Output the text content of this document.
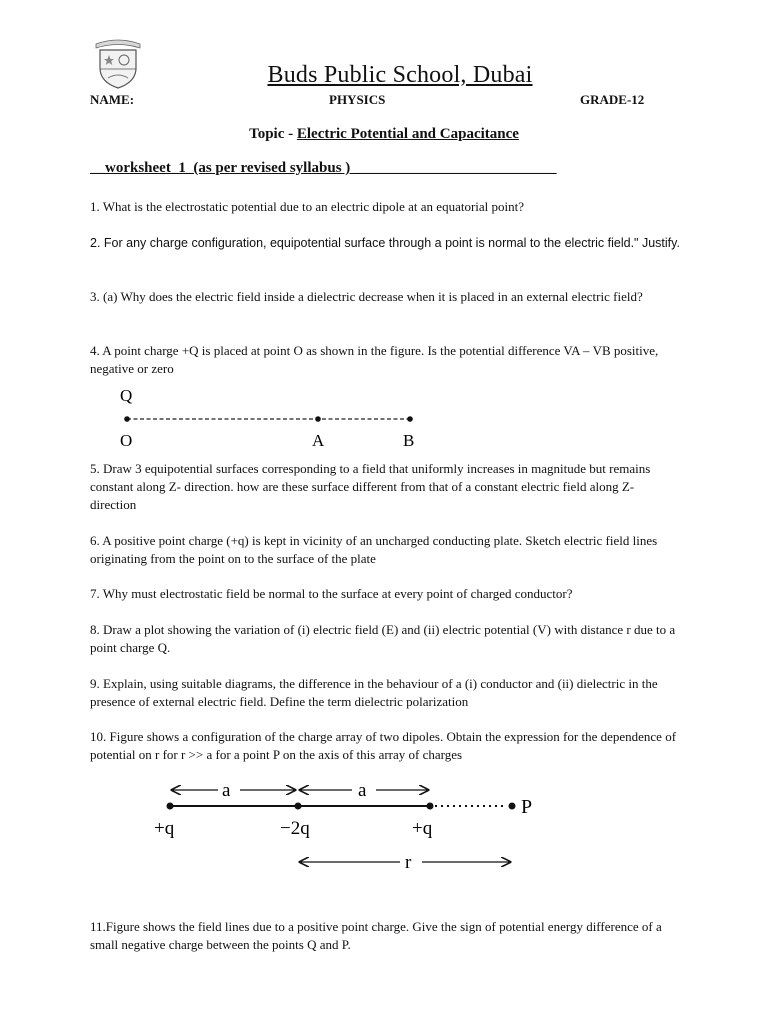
Buds Public School, Dubai
NAME:	PHYSICS	GRADE-12
Topic - Electric Potential and Capacitance
__worksheet_1_(as per revised syllabus ) ___________________________
1. What is the electrostatic potential due to an electric dipole at an equatorial point?
2. For any charge configuration, equipotential surface through a point is normal to the electric field." Justify.
3. (a) Why does the electric field inside a dielectric decrease when it is placed in an external electric field?
4. A point charge +Q is placed at point O as shown in the figure. Is the potential difference VA – VB positive, negative or zero
Q
O	A	B
5. Draw 3 equipotential surfaces corresponding to a field that uniformly increases in magnitude but remains constant along Z- direction. how are these surface different from that of a constant electric field along Z-direction
6. A positive point charge (+q) is kept in vicinity of an uncharged conducting plate. Sketch electric field lines originating from the point on to the surface of the plate
7. Why must electrostatic field be normal to the surface at every point of charged conductor?
8. Draw a plot showing the variation of (i) electric field (E) and (ii) electric potential (V) with distance r due to a point charge Q.
9. Explain, using suitable diagrams, the difference in the behaviour of a (i) conductor and (ii) dielectric in the presence of external electric field. Define the term dielectric polarization
10. Figure shows a configuration of the charge array of two dipoles. Obtain the expression for the dependence of potential on r for r >> a for a point P on the axis of this array of charges
a	a
P
+q	−2q	+q
r
11.Figure shows the field lines due to a positive point charge. Give the sign of potential energy difference of a small negative charge between the points Q and P.
